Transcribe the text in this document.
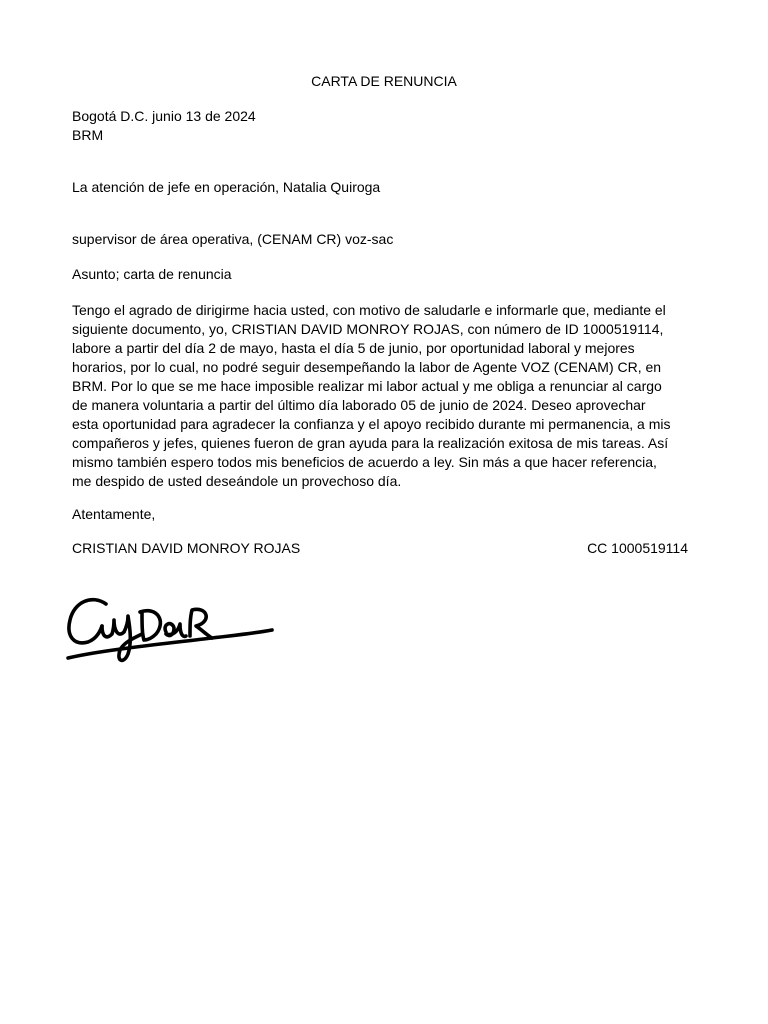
CARTA DE RENUNCIA
Bogotá D.C. junio 13 de 2024
BRM
La atención de jefe en operación, Natalia Quiroga
supervisor de área operativa, (CENAM CR) voz-sac
Asunto; carta de renuncia
Tengo el agrado de dirigirme hacia usted, con motivo de saludarle e informarle que, mediante el
siguiente documento, yo, CRISTIAN DAVID MONROY ROJAS, con número de ID 1000519114,
labore a partir del día 2 de mayo, hasta el día 5 de junio, por oportunidad laboral y mejores
horarios, por lo cual, no podré seguir desempeñando la labor de Agente VOZ (CENAM) CR, en
BRM. Por lo que se me hace imposible realizar mi labor actual y me obliga a renunciar al cargo
de manera voluntaria a partir del último día laborado 05 de junio de 2024. Deseo aprovechar
esta oportunidad para agradecer la confianza y el apoyo recibido durante mi permanencia, a mis
compañeros y jefes, quienes fueron de gran ayuda para la realización exitosa de mis tareas. Así
mismo también espero todos mis beneficios de acuerdo a ley. Sin más a que hacer referencia,
me despido de usted deseándole un provechoso día.
Atentamente,
CRISTIAN DAVID MONROY ROJAS	CC 1000519114
